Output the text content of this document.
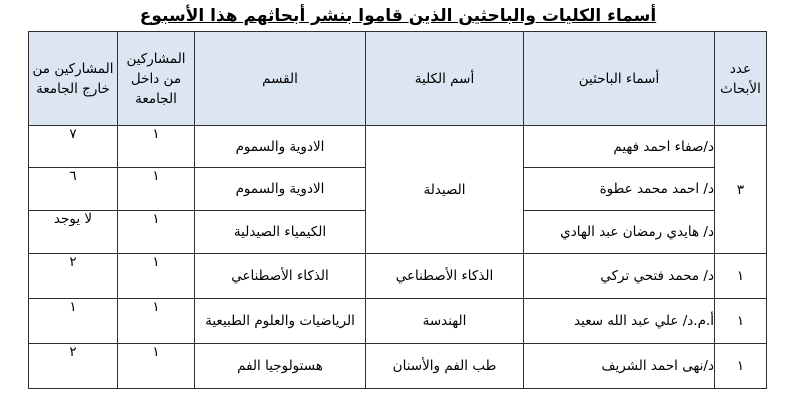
أسماء الكليات والباحثين الذين قاموا بنشر أبحاثهم هذا الأسبوع
عدد الأبحاث	أسماء الباحثين	أسم الكلية	القسم	المشاركين من داخل الجامعة	المشاركين من خارج الجامعة
٣	د/صفاء احمد فهيم	الصيدلة	الادوية والسموم	١	٧
	د/ احمد محمد عطوة		الادوية والسموم	١	٦
	د/ هايدي رمضان عبد الهادي		الكيمياء الصيدلية	١	لا يوجد
١	د/ محمد فتحي تركي	الذكاء الأصطناعي	الذكاء الأصطناعي	١	٢
١	أ.م.د/ علي عبد الله سعيد	الهندسة	الرياضيات والعلوم الطبيعية	١	١
١	د/نهى احمد الشريف	طب الفم والأسنان	هستولوجيا الفم	١	٢
